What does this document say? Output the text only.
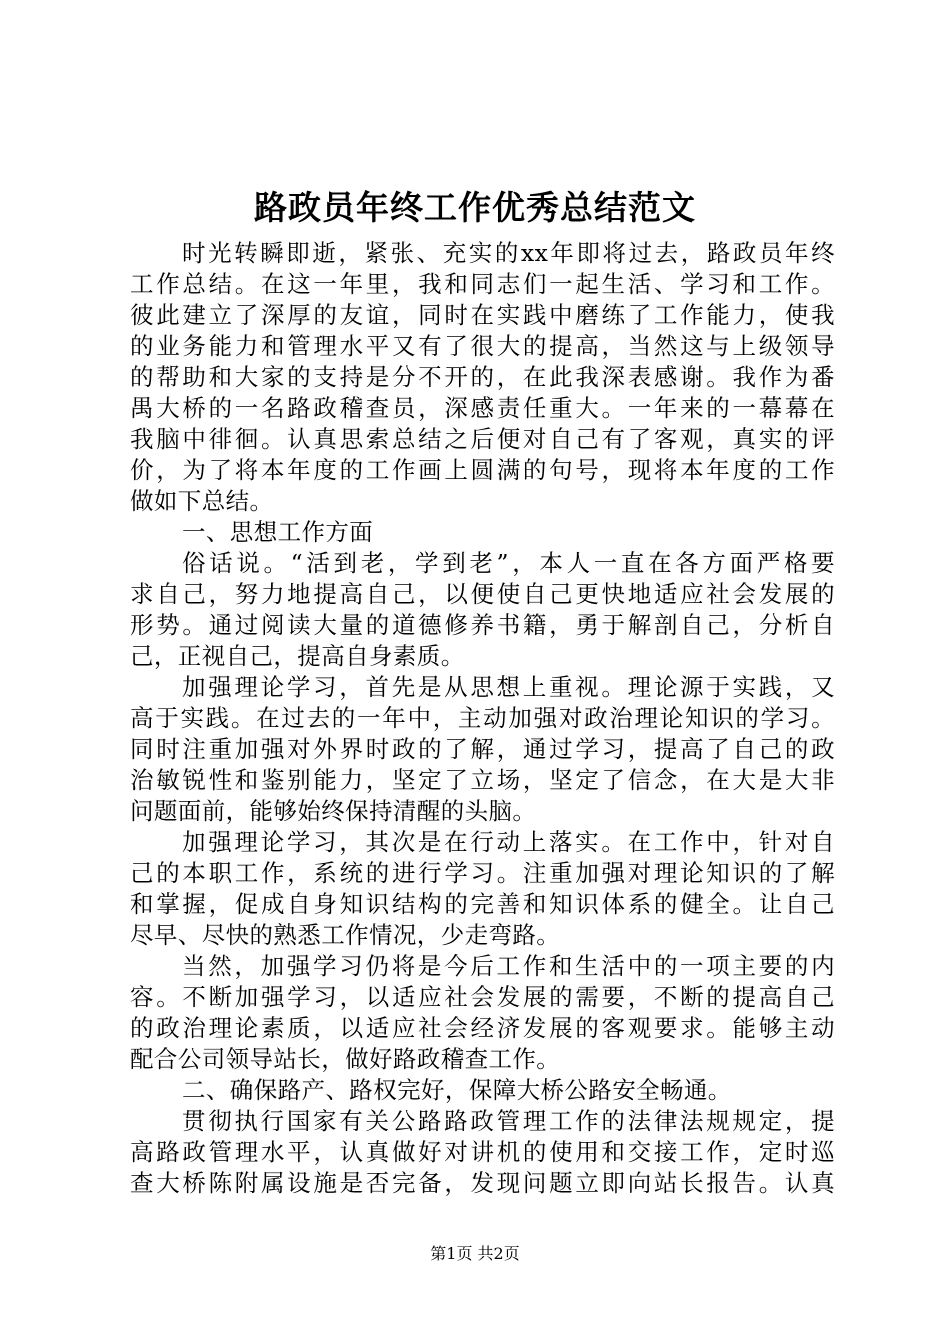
路政员年终工作优秀总结范文
时光转瞬即逝，紧张、充实的xx年即将过去，路政员年终
工作总结。在这一年里，我和同志们一起生活、学习和工作。
彼此建立了深厚的友谊，同时在实践中磨练了工作能力，使我
的业务能力和管理水平又有了很大的提高，当然这与上级领导
的帮助和大家的支持是分不开的，在此我深表感谢。我作为番
禺大桥的一名路政稽查员，深感责任重大。一年来的一幕幕在
我脑中徘徊。认真思索总结之后便对自己有了客观，真实的评
价，为了将本年度的工作画上圆满的句号，现将本年度的工作
做如下总结。
一、思想工作方面
俗话说。“活到老，学到老”，本人一直在各方面严格要
求自己，努力地提高自己，以便使自己更快地适应社会发展的
形势。通过阅读大量的道德修养书籍，勇于解剖自己，分析自
己，正视自己，提高自身素质。
加强理论学习，首先是从思想上重视。理论源于实践，又
高于实践。在过去的一年中，主动加强对政治理论知识的学习。
同时注重加强对外界时政的了解，通过学习，提高了自己的政
治敏锐性和鉴别能力，坚定了立场，坚定了信念，在大是大非
问题面前，能够始终保持清醒的头脑。
加强理论学习，其次是在行动上落实。在工作中，针对自
己的本职工作，系统的进行学习。注重加强对理论知识的了解
和掌握，促成自身知识结构的完善和知识体系的健全。让自己
尽早、尽快的熟悉工作情况，少走弯路。
当然，加强学习仍将是今后工作和生活中的一项主要的内
容。不断加强学习，以适应社会发展的需要，不断的提高自己
的政治理论素质，以适应社会经济发展的客观要求。能够主动
配合公司领导站长，做好路政稽查工作。
二、确保路产、路权完好，保障大桥公路安全畅通。
贯彻执行国家有关公路路政管理工作的法律法规规定，提
高路政管理水平，认真做好对讲机的使用和交接工作，定时巡
查大桥陈附属设施是否完备，发现问题立即向站长报告。认真
第1页 共2页
